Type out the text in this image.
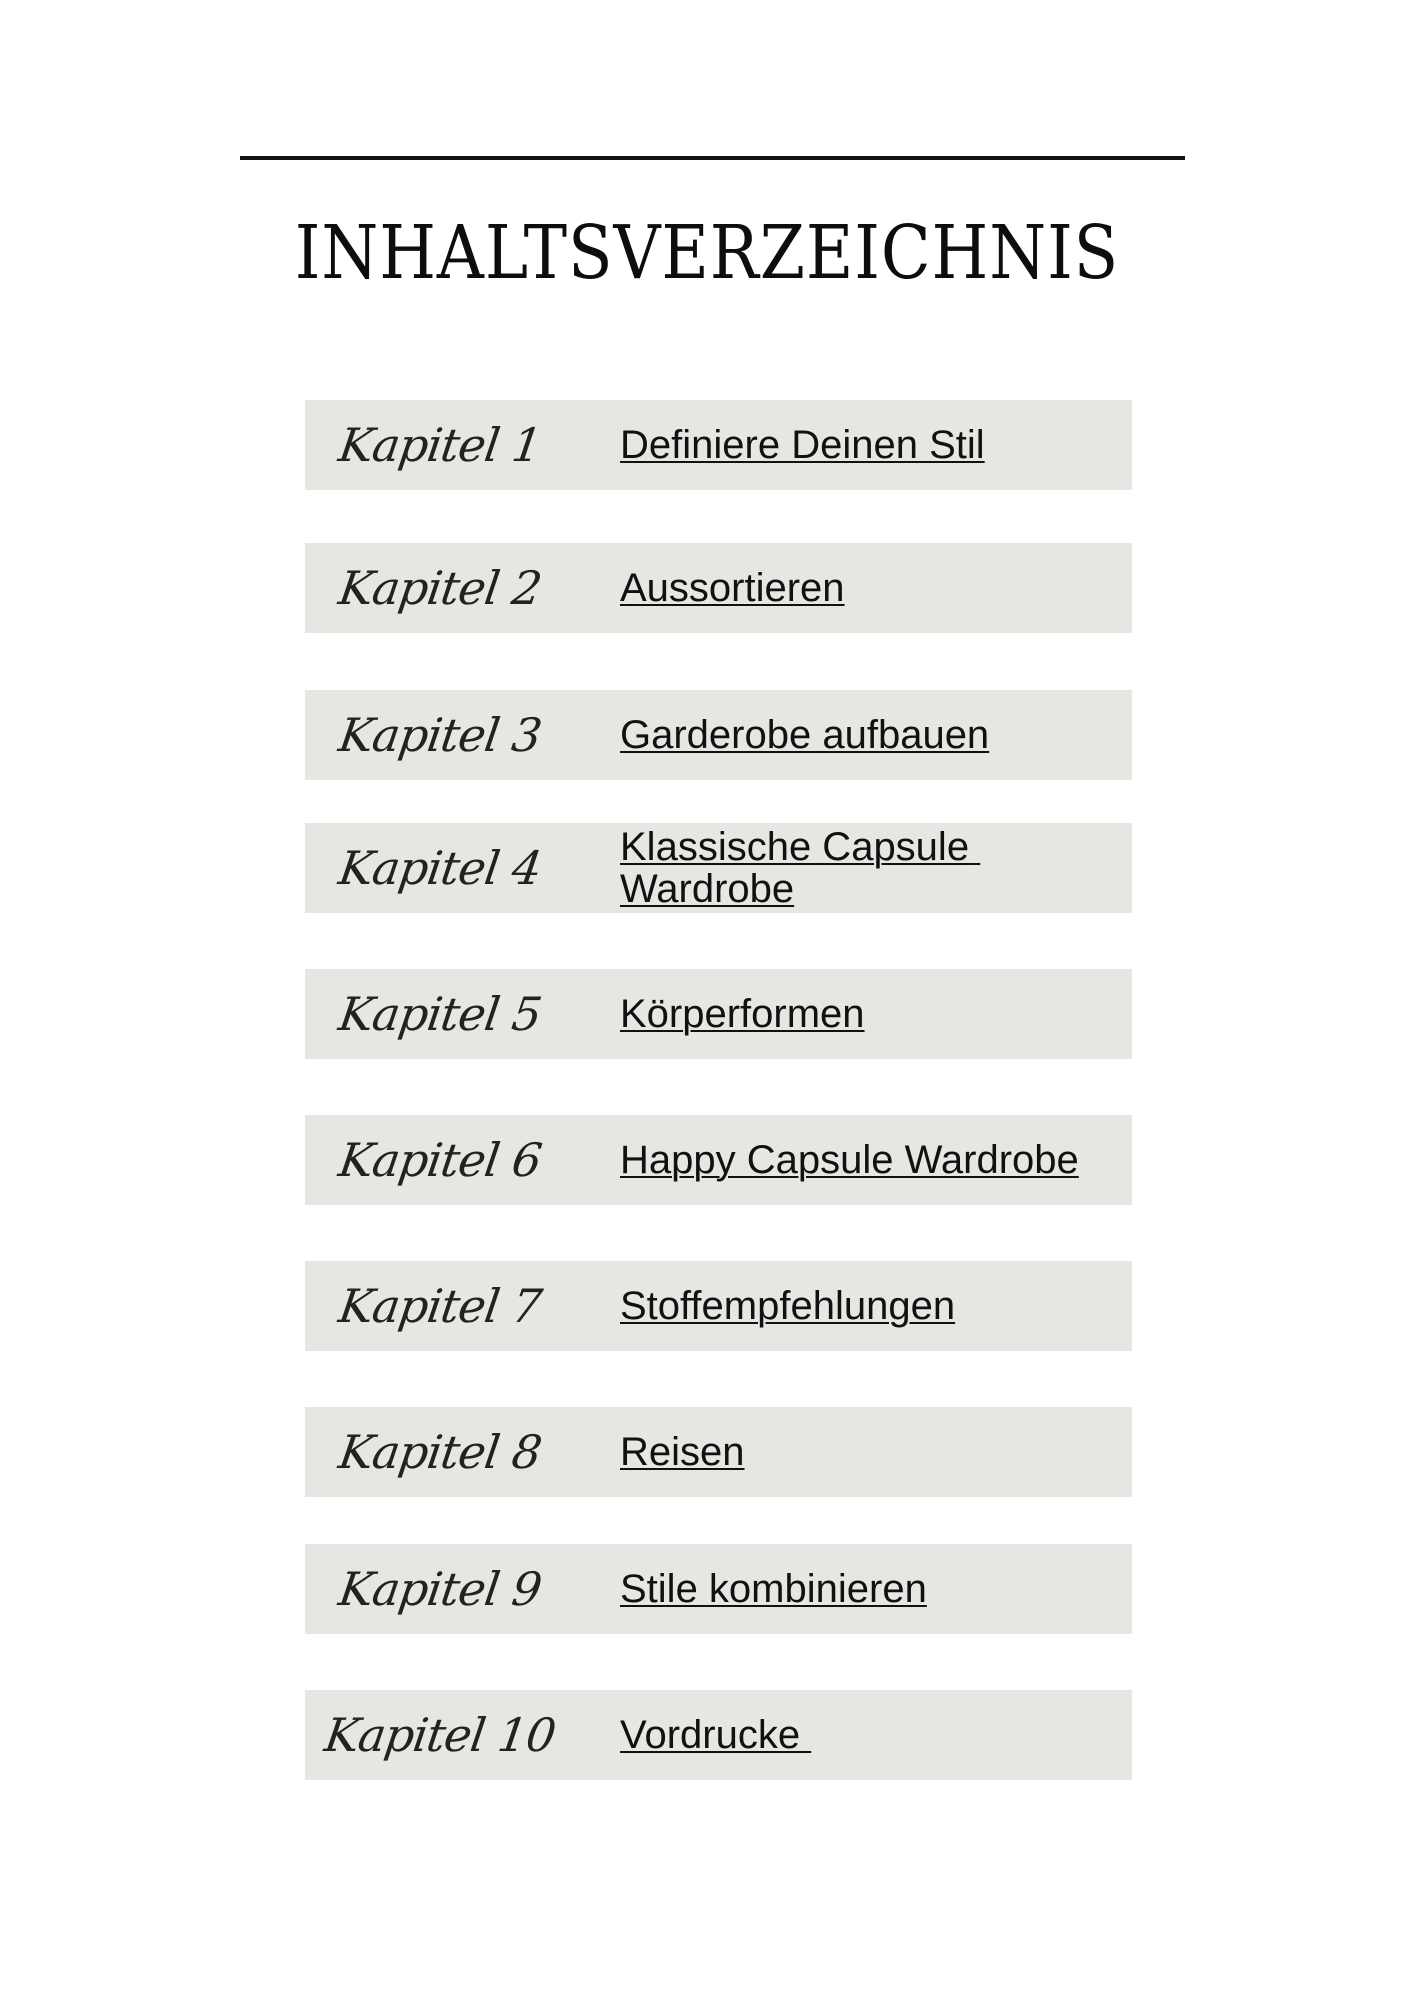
INHALTSVERZEICHNIS
Kapitel 1	Definiere Deinen Stil
Kapitel 2	Aussortieren
Kapitel 3	Garderobe aufbauen
Kapitel 4	Klassische Capsule Wardrobe
Kapitel 5	Körperformen
Kapitel 6	Happy Capsule Wardrobe
Kapitel 7	Stoffempfehlungen
Kapitel 8	Reisen
Kapitel 9	Stile kombinieren
Kapitel 10 Vordrucke
